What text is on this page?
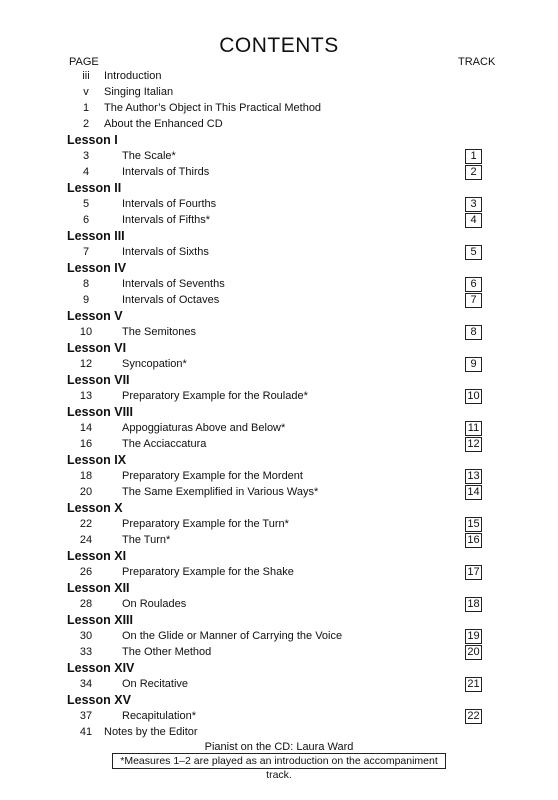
CONTENTS
PAGE	TRACK
iii	Introduction
v	Singing Italian
1	The Author’s Object in This Practical Method
2	About the Enhanced CD
Lesson I
3	The Scale*	1
4	Intervals of Thirds	2
Lesson II
5	Intervals of Fourths	3
6	Intervals of Fifths*	4
Lesson III
7	Intervals of Sixths	5
Lesson IV
8	Intervals of Sevenths	6
9	Intervals of Octaves	7
Lesson V
10	The Semitones	8
Lesson VI
12	Syncopation*	9
Lesson VII
13	Preparatory Example for the Roulade*	10
Lesson VIII
14	Appoggiaturas Above and Below*	11
16	The Acciaccatura	12
Lesson IX
18	Preparatory Example for the Mordent	13
20	The Same Exemplified in Various Ways*	14
Lesson X
22	Preparatory Example for the Turn*	15
24	The Turn*	16
Lesson XI
26	Preparatory Example for the Shake	17
Lesson XII
28	On Roulades	18
Lesson XIII
30	On the Glide or Manner of Carrying the Voice	19
33	The Other Method	20
Lesson XIV
34	On Recitative	21
Lesson XV
37	Recapitulation*	22
41	Notes by the Editor
Pianist on the CD: Laura Ward
*Measures 1–2 are played as an introduction on the accompaniment track.
